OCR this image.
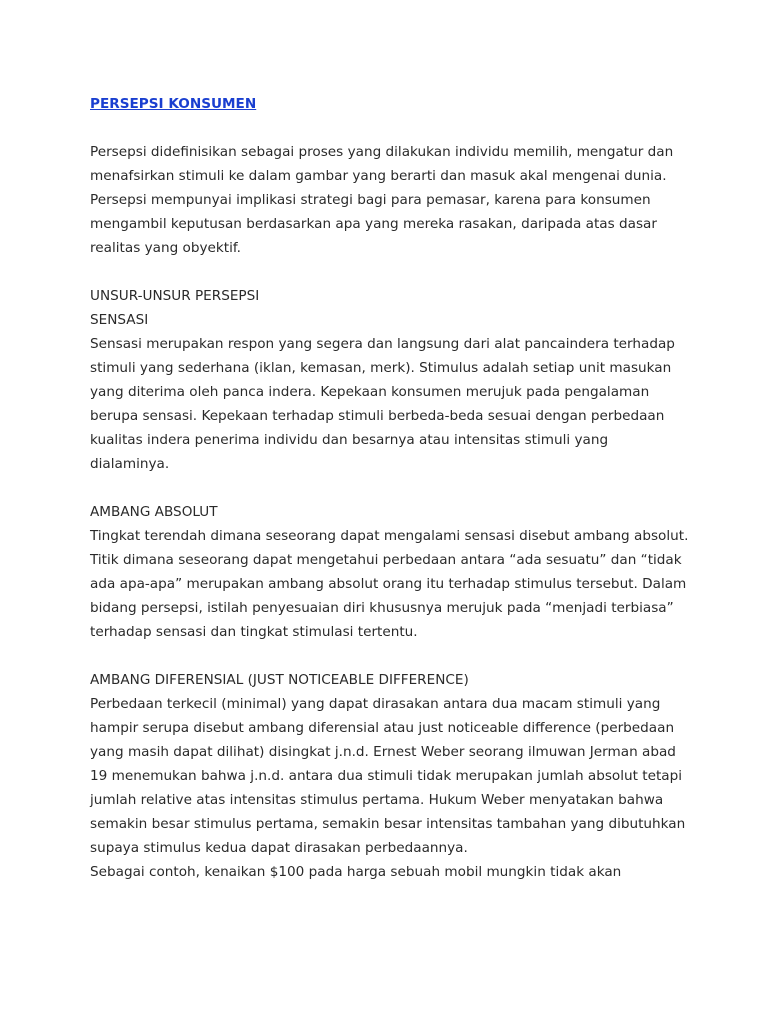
PERSEPSI KONSUMEN

Persepsi didefinisikan sebagai proses yang dilakukan individu memilih, mengatur dan menafsirkan stimuli ke dalam gambar yang berarti dan masuk akal mengenai dunia. Persepsi mempunyai implikasi strategi bagi para pemasar, karena para konsumen mengambil keputusan berdasarkan apa yang mereka rasakan, daripada atas dasar realitas yang obyektif.

UNSUR-UNSUR PERSEPSI

SENSASI

Sensasi merupakan respon yang segera dan langsung dari alat pancaindera terhadap stimuli yang sederhana (iklan, kemasan, merk). Stimulus adalah setiap unit masukan yang diterima oleh panca indera. Kepekaan konsumen merujuk pada pengalaman berupa sensasi. Kepekaan terhadap stimuli berbeda-beda sesuai dengan perbedaan kualitas indera penerima individu dan besarnya atau intensitas stimuli yang dialaminya.

AMBANG ABSOLUT

Tingkat terendah dimana seseorang dapat mengalami sensasi disebut ambang absolut. Titik dimana seseorang dapat mengetahui perbedaan antara “ada sesuatu” dan “tidak ada apa-apa” merupakan ambang absolut orang itu terhadap stimulus tersebut. Dalam bidang persepsi, istilah penyesuaian diri khususnya merujuk pada “menjadi terbiasa” terhadap sensasi dan tingkat stimulasi tertentu.

AMBANG DIFERENSIAL (JUST NOTICEABLE DIFFERENCE)

Perbedaan terkecil (minimal) yang dapat dirasakan antara dua macam stimuli yang hampir serupa disebut ambang diferensial atau just noticeable difference (perbedaan yang masih dapat dilihat) disingkat j.n.d. Ernest Weber seorang ilmuwan Jerman abad 19 menemukan bahwa j.n.d. antara dua stimuli tidak merupakan jumlah absolut tetapi jumlah relative atas intensitas stimulus pertama. Hukum Weber menyatakan bahwa semakin besar stimulus pertama, semakin besar intensitas tambahan yang dibutuhkan supaya stimulus kedua dapat dirasakan perbedaannya.

Sebagai contoh, kenaikan $100 pada harga sebuah mobil mungkin tidak akan
